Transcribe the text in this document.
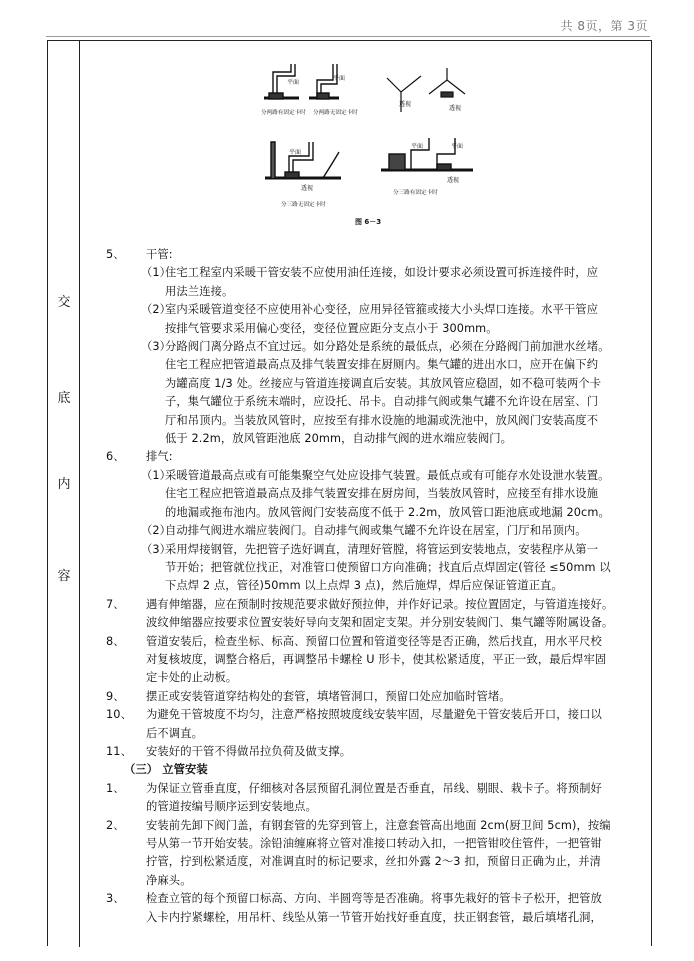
共 8页，第 3页
交
底
内
容
平面
平面
分两路有固定卡时 分两路无固定卡时
透视
透视
平面
透视
分三路无固定卡时
平面	平面
透视
分三路有固定卡时
图 6－3
5、	干管:
（1）
住宅工程室内采暖干管安装不应使用油任连接，如设计要求必须设置可拆连接件时，应
用法兰连接。
（2）
室内采暖管道变径不应使用补心变径，应用异径管箍或接大小头焊口连接。水平干管应
按排气管要求采用偏心变径，变径位置应距分支点小于 300mm。
（3）
分路阀门离分路点不宜过远。如分路处是系统的最低点，必须在分路阀门前加泄水丝堵。
住宅工程应把管道最高点及排气装置安排在厨厕内。集气罐的进出水口，应开在偏下约
为罐高度 1/3 处。丝接应与管道连接调直后安装。其放风管应稳固，如不稳可装两个卡
子，集气罐位于系统末端时，应设托、吊卡。自动排气阀或集气罐不允许设在居室、门
厅和吊顶内。当装放风管时，应按至有排水设施的地漏或洗池中，放风阀门安装高度不
低于 2.2m，放风管距池底 20mm，自动排气阀的进水端应装阀门。
6、	排气:
（1）
采暖管道最高点或有可能集聚空气处应设排气装置。最低点或有可能存水处设泄水装置。
住宅工程应把管道最高点及排气装置安排在厨房间，当装放风管时，应接至有排水设施
的地漏或拖布池内。放风管阀门安装高度不低于 2.2m，放风管口距池底或地漏 20cm。
（2）
自动排气阀进水端应装阀门。自动排气阀或集气罐不允许设在居室，门厅和吊顶内。
（3）
采用焊接钢管，先把管子选好调直，清理好管膛，将管运到安装地点，安装程序从第一
节开始；把管就位找正，对准管口使预留口方向准确；找直后点焊固定(管径 ≤50mm 以
下点焊 2 点，管径)50mm 以上点焊 3 点)，然后施焊，焊后应保证管道正直。
7、 遇有伸缩器，应在预制时按规范要求做好预拉伸，并作好记录。按位置固定，与管道连接好。
波纹伸缩器应按要求位置安装好导向支架和固定支架。并分别安装阀门、集气罐等附属设备。
8、 管道安装后，检查坐标、标高、预留口位置和管道变径等是否正确，然后找直，用水平尺校
对复核坡度，调整合格后，再调整吊卡螺栓 U 形卡，使其松紧适度，平正一致，最后焊牢固
定卡处的止动板。
9、 摆正或安装管道穿结构处的套管，填堵管洞口，预留口处应加临时管堵。
10、 为避免干管坡度不均匀，注意严格按照坡度线安装牢固，尽量避免干管安装后开口，接口以
后不调直。
11、 安装好的干管不得做吊拉负荷及做支撑。
（三） 立管安装
1、 为保证立管垂直度，仔细核对各层预留孔洞位置是否垂直，吊线、剔眼、栽卡子。将预制好
的管道按编号顺序运到安装地点。
2、 安装前先卸下阀门盖，有钢套管的先穿到管上，注意套管高出地面 2cm(厨卫间 5cm)，按编
号从第一节开始安装。涂铅油缠麻将立管对准接口转动入扣，一把管钳咬住管件，一把管钳
拧管，拧到松紧适度，对准调直时的标记要求，丝扣外露 2～3 扣，预留日正确为止，并清
净麻头。
3、 检查立管的每个预留口标高、方向、半圆弯等是否准确。将事先栽好的管卡子松开，把管放
入卡内拧紧螺栓，用吊杆、线坠从第一节管开始找好垂直度，扶正钢套管，最后填堵孔洞，
